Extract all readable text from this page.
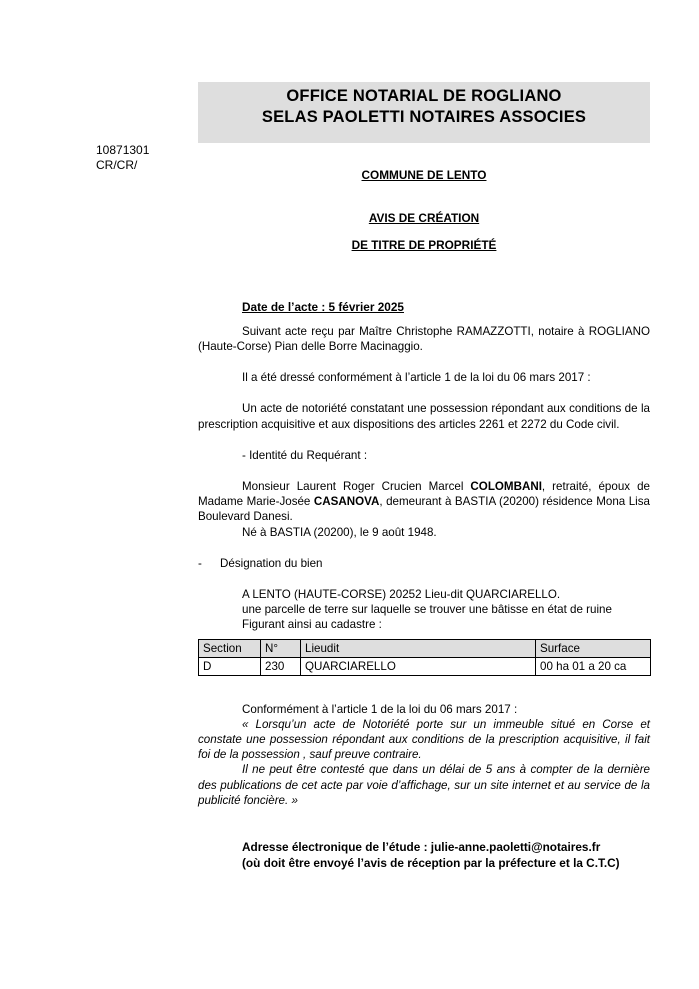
OFFICE NOTARIAL DE ROGLIANO
SELAS PAOLETTI NOTAIRES ASSOCIES
10871301
CR/CR/
COMMUNE DE LENTO
AVIS DE CRÉATION
DE TITRE DE PROPRIÉTÉ
Date de l’acte : 5 février 2025

Suivant acte reçu par Maître Christophe RAMAZZOTTI, notaire à ROGLIANO (Haute-Corse) Pian delle Borre Macinaggio.

Il a été dressé conformément à l’article 1 de la loi du 06 mars 2017 :

Un acte de notoriété constatant une possession répondant aux conditions de la prescription acquisitive et aux dispositions des articles 2261 et 2272 du Code civil.

- Identité du Requérant :

Monsieur Laurent Roger Crucien Marcel COLOMBANI, retraité, époux de Madame Marie-Josée CASANOVA, demeurant à BASTIA (20200) résidence Mona Lisa Boulevard Danesi.

Né à BASTIA (20200), le 9 août 1948.

-	Désignation du bien

A LENTO (HAUTE-CORSE) 20252 Lieu-dit QUARCIARELLO.

une parcelle de terre sur laquelle se trouver une bâtisse en état de ruine

Figurant ainsi au cadastre :

Section	N°	Lieudit	Surface
D	230	QUARCIARELLO	00 ha 01 a 20 ca

Conformément à l’article 1 de la loi du 06 mars 2017 :

« Lorsqu’un acte de Notoriété porte sur un immeuble situé en Corse et constate une possession répondant aux conditions de la prescription acquisitive, il fait foi de la possession , sauf preuve contraire.

Il ne peut être contesté que dans un délai de 5 ans à compter de la dernière des publications de cet acte par voie d’affichage, sur un site internet et au service de la publicité foncière. »

Adresse électronique de l’étude : julie-anne.paoletti@notaires.fr
(où doit être envoyé l’avis de réception par la préfecture et la C.T.C)
